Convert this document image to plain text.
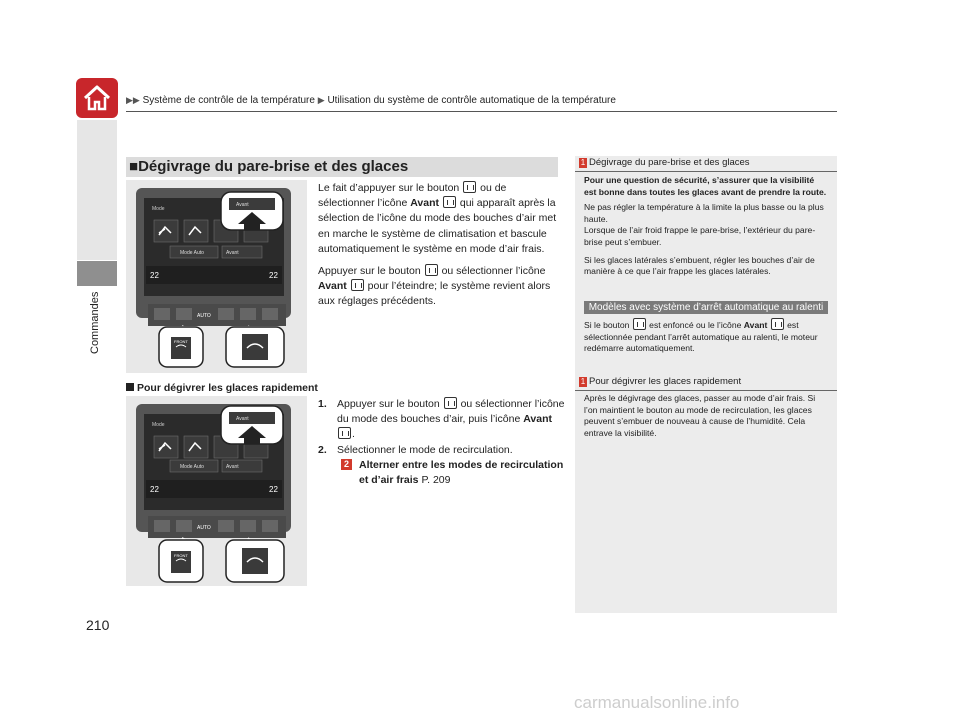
▶▶ Système de contrôle de la température ▶ Utilisation du système de contrôle automatique de la température
Commandes
■Dégivrage du pare-brise et des glaces
Mode
Mode Auto	Avant
22	22
Avant
AUTO
FRONT
Le fait d’appuyer sur le bouton ou de sélectionner l’icône Avant qui apparaît après la sélection de l’icône du mode des bouches d’air met en marche le système de climatisation et bascule automatiquement le système en mode d’air frais.
Appuyer sur le bouton ou sélectionner l’icône Avant pour l’éteindre; le système revient alors aux réglages précédents.
Pour dégivrer les glaces rapidement
Mode
Mode Auto	Avant
22	22
Avant
AUTO
FRONT
1. Appuyer sur le bouton ou sélectionner l’icône du mode des bouches d’air, puis l’icône Avant .
2. Sélectionner le mode de recirculation.
2 Alterner entre les modes de recirculation et d’air frais P. 209
210
1 Dégivrage du pare-brise et des glaces

Pour une question de sécurité, s’assurer que la visibilité est bonne dans toutes les glaces avant de prendre la route.

Ne pas régler la température à la limite la plus basse ou la plus haute.

Lorsque de l’air froid frappe le pare-brise, l’extérieur du pare-brise peut s’embuer.

Si les glaces latérales s’embuent, régler les bouches d’air de manière à ce que l’air frappe les glaces latérales.

Modèles avec système d’arrêt automatique au ralenti
Si le bouton est enfoncé ou le l’icône Avant est sélectionnée pendant l’arrêt automatique au ralenti, le moteur redémarre automatiquement.
1 Pour dégivrer les glaces rapidement
Après le dégivrage des glaces, passer au mode d’air frais. Si l’on maintient le bouton au mode de recirculation, les glaces peuvent s’embuer de nouveau à cause de l’humidité. Cela entrave la visibilité.
carmanualsonline.info
